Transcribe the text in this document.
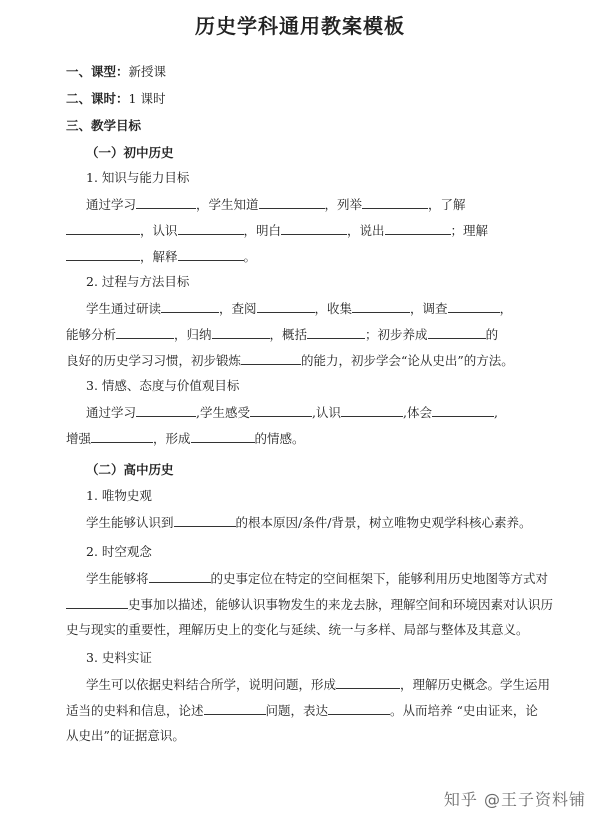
历史学科通用教案模板
一、课型：新授课
二、课时：1 课时
三、教学目标
（一）初中历史
1. 知识与能力目标
通过学习	，学生知道	，列举	，了解
，认识	，明白	，说出	；理解
，解释	。
2. 过程与方法目标
学生通过研读	，查阅	，收集	，调查	，
能够分析	，归纳	，概括	；初步养成	的
良好的历史学习习惯，初步锻炼	的能力，初步学会“论从史出”的方法。
3. 情感、态度与价值观目标
通过学习	,学生感受	,认识	,体会	,
增强	，形成	的情感。
（二）高中历史
1. 唯物史观
学生能够认识到	的根本原因/条件/背景，树立唯物史观学科核心素养。
2. 时空观念
学生能够将	的史事定位在特定的空间框架下，能够利用历史地图等方式对
史事加以描述，能够认识事物发生的来龙去脉，理解空间和环境因素对认识历
史与现实的重要性，理解历史上的变化与延续、统一与多样、局部与整体及其意义。
3. 史料实证
学生可以依据史料结合所学，说明问题，形成	，理解历史概念。学生运用
适当的史料和信息，论述	问题，表达	。从而培养 “史由证来，论
从史出”的证据意识。
知乎 @王子资料铺
